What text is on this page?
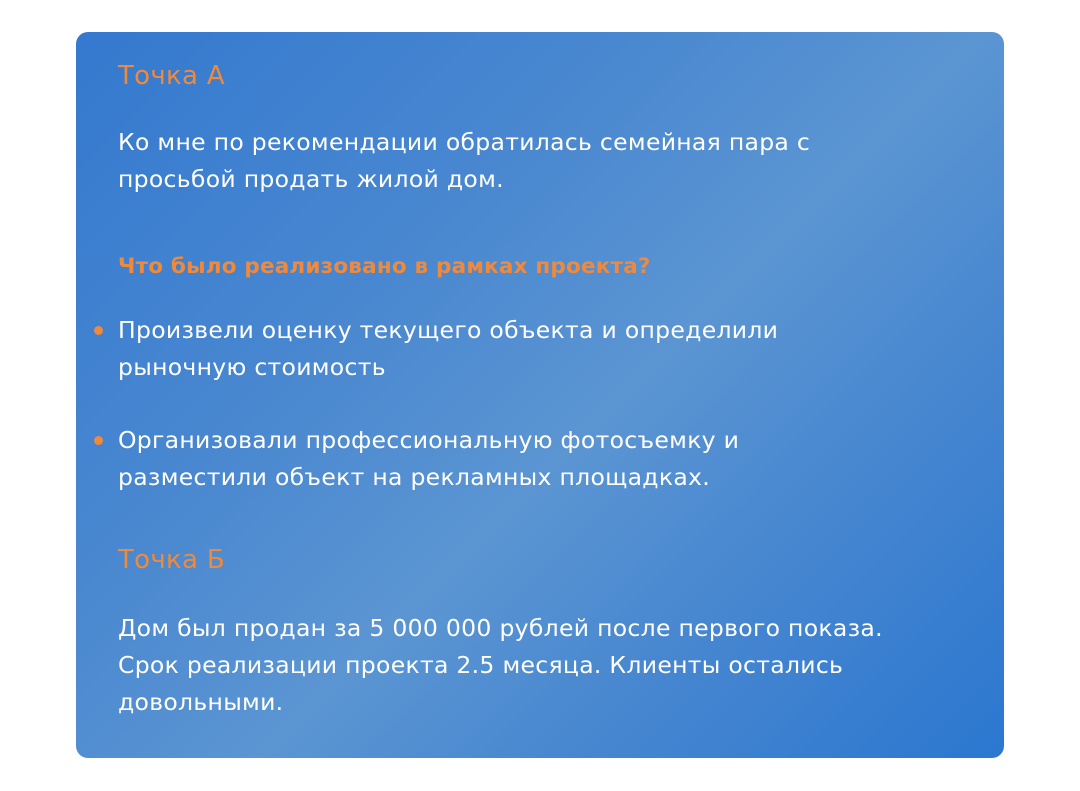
Точка А
Ко мне по рекомендации обратилась семейная пара с
просьбой продать жилой дом.
Что было реализовано в рамках проекта?
Произвели оценку текущего объекта и определили
рыночную стоимость
Организовали профессиональную фотосъемку и
разместили объект на рекламных площадках.
Точка Б
Дом был продан за 5 000 000 рублей после первого показа.
Срок реализации проекта 2.5 месяца. Клиенты остались
довольными.
